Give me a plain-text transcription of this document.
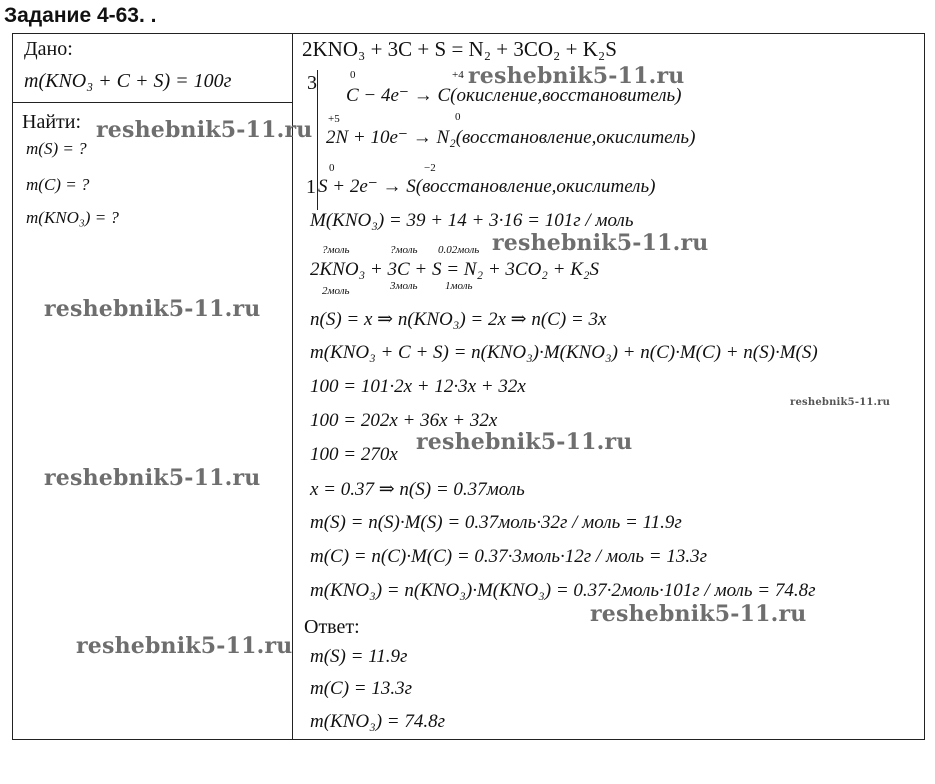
Задание 4-63. .
Дано:
m(KNO₃ + C + S) = 100г
Найти:
m(S) = ?
m(C) = ?
m(KNO₃) = ?
2KNO₃ + 3C + S = N₂ + 3CO₂ + K₂S
3	0	+4
C − 4e⁻ → C(окисление,восстановитель)
+5	0
2N + 10e⁻ → N₂(восстановление,окислитель)
1
0	−2
S + 2e⁻ → S(восстановление,окислитель)
M(KNO₃) = 39 + 14 + 3·16 = 101г / моль
?моль	?моль 0.02моль
2KNO₃ + 3C + S = N₂ + 3CO₂ + K₂S
2моль	3моль 1моль
n(S) = x ⇒ n(KNO₃) = 2x ⇒ n(C) = 3x
m(KNO₃ + C + S) = n(KNO₃)·M(KNO₃) + n(C)·M(C) + n(S)·M(S)
100 = 101·2x + 12·3x + 32x
100 = 202x + 36x + 32x
100 = 270x
x = 0.37 ⇒ n(S) = 0.37моль
m(S) = n(S)·M(S) = 0.37моль·32г / моль = 11.9г
m(C) = n(C)·M(C) = 0.37·3моль·12г / моль = 13.3г
m(KNO₃) = n(KNO₃)·M(KNO₃) = 0.37·2моль·101г / моль = 74.8г
Ответ:
m(S) = 11.9г
m(C) = 13.3г
m(KNO₃) = 74.8г
reshebnik5-11.ru
reshebnik5-11.ru
reshebnik5-11.ru
reshebnik5-11.ru
reshebnik5-11.ru
reshebnik5-11.ru
reshebnik5-11.ru
reshebnik5-11.ru
reshebnik5-11.ru
